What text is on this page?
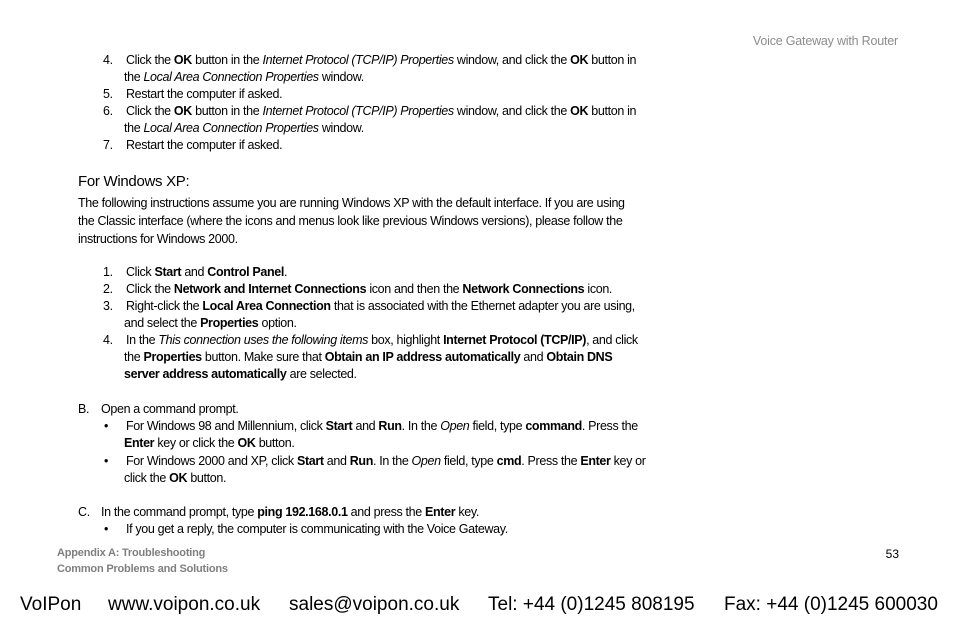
Voice Gateway with Router
4. Click the OK button in the Internet Protocol (TCP/IP) Properties window, and click the OK button in
the Local Area Connection Properties window.
5. Restart the computer if asked.
6. Click the OK button in the Internet Protocol (TCP/IP) Properties window, and click the OK button in
the Local Area Connection Properties window.
7. Restart the computer if asked.
The following instructions assume you are running Windows XP with the default interface. If you are using
the Classic interface (where the icons and menus look like previous Windows versions), please follow the
instructions for Windows 2000.
1. Click Start and Control Panel.
2. Click the Network and Internet Connections icon and then the Network Connections icon.
3. Right-click the Local Area Connection that is associated with the Ethernet adapter you are using,
and select the Properties option.
4. In the This connection uses the following items box, highlight Internet Protocol (TCP/IP), and click
the Properties button. Make sure that Obtain an IP address automatically and Obtain DNS
server address automatically are selected.
B. Open a command prompt.
• For Windows 98 and Millennium, click Start and Run. In the Open field, type command. Press the
Enter key or click the OK button.
• For Windows 2000 and XP, click Start and Run. In the Open field, type cmd. Press the Enter key or
click the OK button.
C. In the command prompt, type ping 192.168.0.1 and press the Enter key.
• If you get a reply, the computer is communicating with the Voice Gateway.
For Windows XP:
Appendix A: Troubleshooting
Common Problems and Solutions
53
VoIPon www.voipon.co.uk sales@voipon.co.uk Tel: +44 (0)1245 808195 Fax: +44 (0)1245 600030
